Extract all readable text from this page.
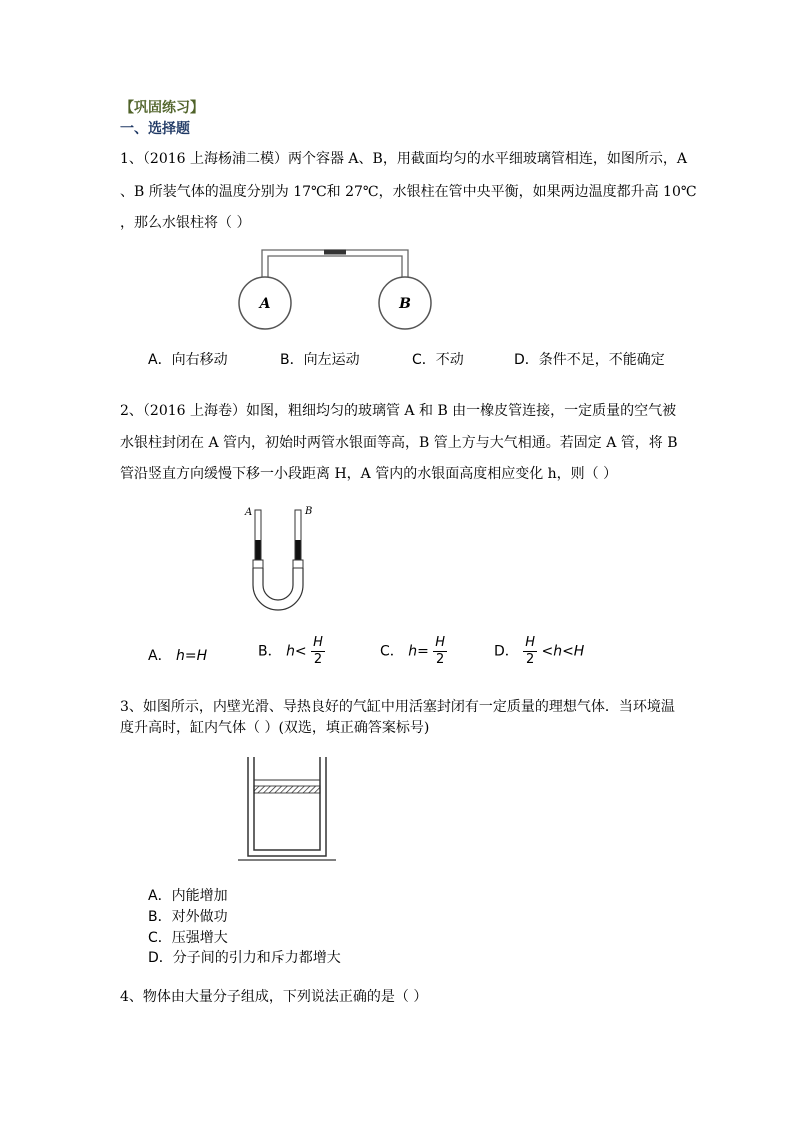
【巩固练习】
一、选择题
1、（2016 上海杨浦二模）两个容器 A、B，用截面均匀的水平细玻璃管相连，如图所示，A
、B 所装气体的温度分别为 17℃和 27℃，水银柱在管中央平衡，如果两边温度都升高 10℃
，那么水银柱将（ ）
A	B
A．向右移动	B．向左运动	C．不动	D．条件不足，不能确定
2、（2016 上海卷）如图，粗细均匀的玻璃管 A 和 B 由一橡皮管连接，一定质量的空气被
水银柱封闭在 A 管内，初始时两管水银面等高，B 管上方与大气相通。若固定 A 管，将 B
管沿竖直方向缓慢下移一小段距离 H，A 管内的水银面高度相应变化 h，则（ ）
A	B
A． h=H	B． $h< \frac{H}{2}$	C． $h= \frac{H}{2}$	D． $\frac{H}{2} <h<H$
3、如图所示，内壁光滑、导热良好的气缸中用活塞封闭有一定质量的理想气体．当环境温
度升高时，缸内气体（ ）(双选，填正确答案标号)
A．内能增加
B．对外做功
C．压强增大
D．分子间的引力和斥力都增大
4、物体由大量分子组成，下列说法正确的是（ ）
